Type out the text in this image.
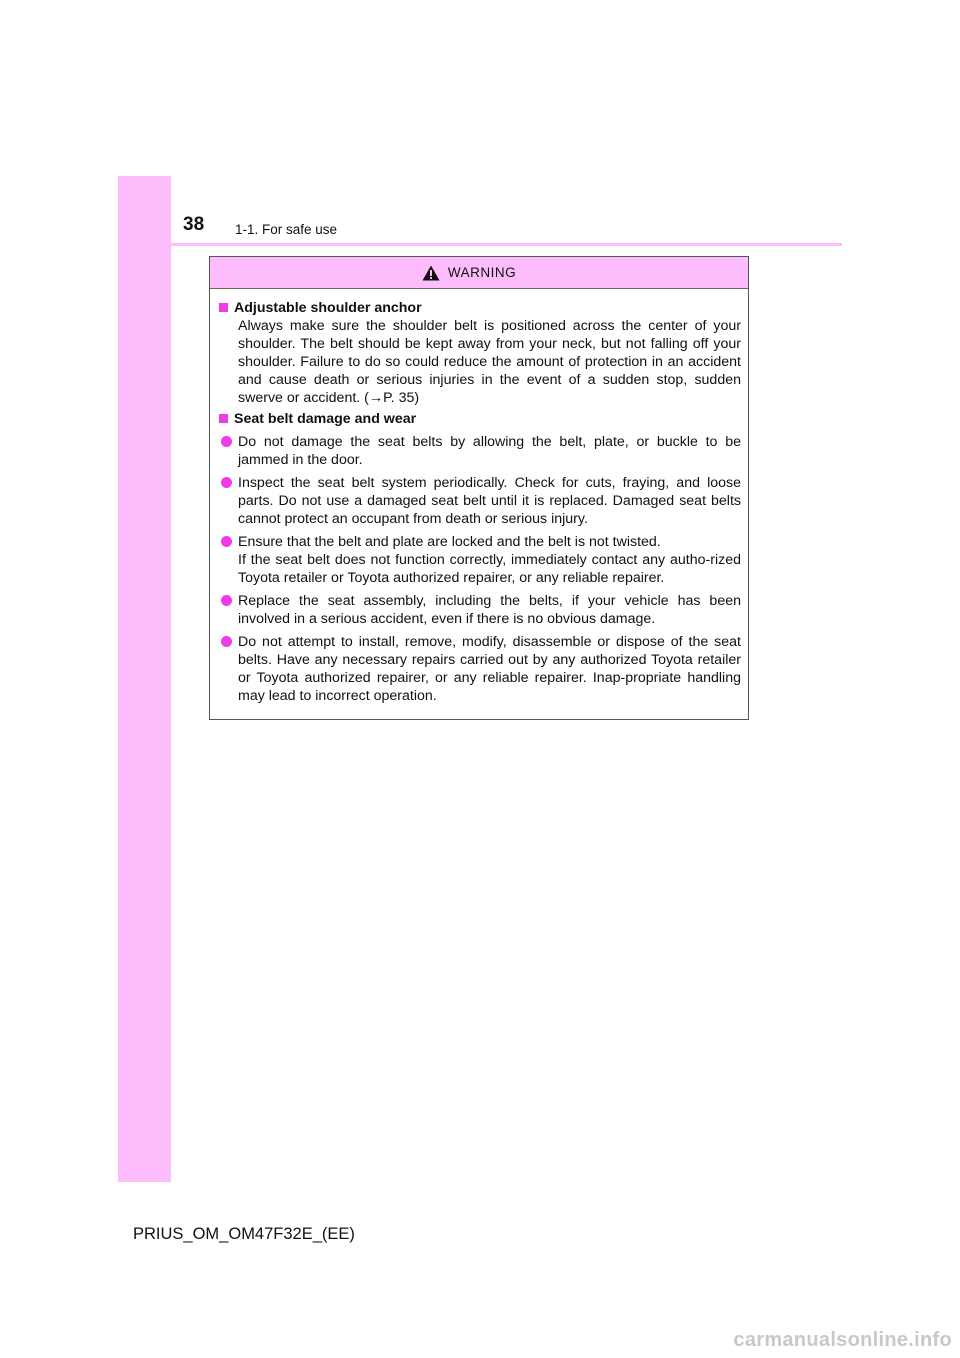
38 1-1. For safe use
WARNING
Adjustable shoulder anchor
Always make sure the shoulder belt is positioned across the center of your shoulder. The belt should be kept away from your neck, but not falling off your shoulder. Failure to do so could reduce the amount of protection in an accident and cause death or serious injuries in the event of a sudden stop, sudden swerve or accident. (→P. 35)
Seat belt damage and wear
Do not damage the seat belts by allowing the belt, plate, or buckle to be jammed in the door.
Inspect the seat belt system periodically. Check for cuts, fraying, and loose parts. Do not use a damaged seat belt until it is replaced. Damaged seat belts cannot protect an occupant from death or serious injury.
Ensure that the belt and plate are locked and the belt is not twisted.
If the seat belt does not function correctly, immediately contact any autho-rized Toyota retailer or Toyota authorized repairer, or any reliable repairer.
Replace the seat assembly, including the belts, if your vehicle has been involved in a serious accident, even if there is no obvious damage.
Do not attempt to install, remove, modify, disassemble or dispose of the seat belts. Have any necessary repairs carried out by any authorized Toyota retailer or Toyota authorized repairer, or any reliable repairer. Inap-propriate handling may lead to incorrect operation.
PRIUS_OM_OM47F32E_(EE)
carmanualsonline.info
